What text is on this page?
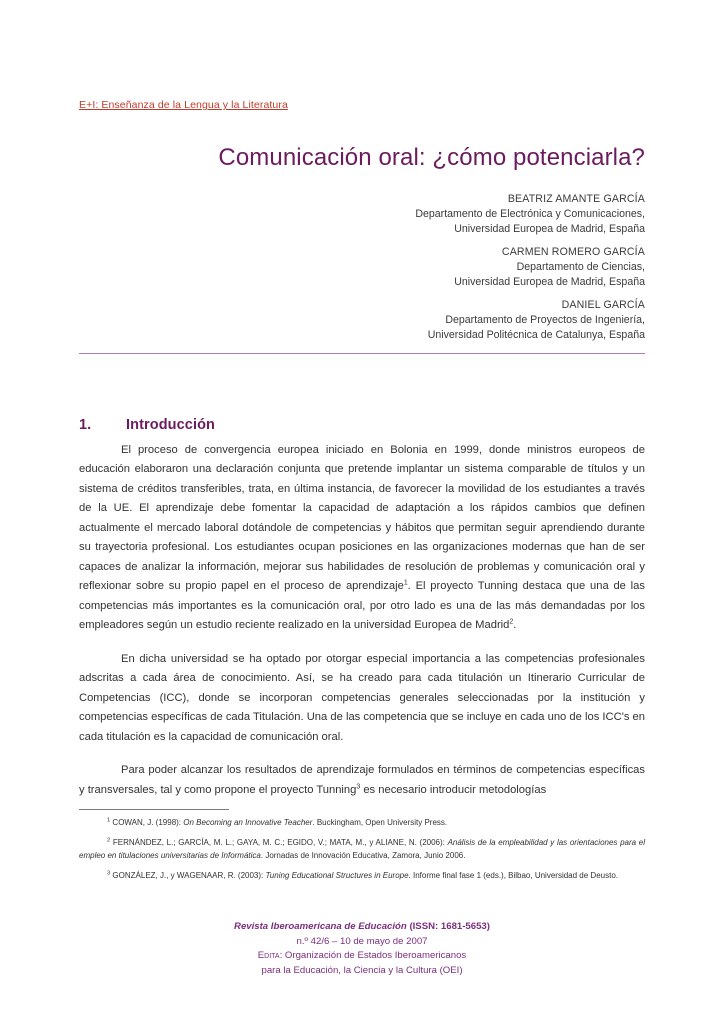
E+I: Enseñanza de la Lengua y la Literatura
Comunicación oral: ¿cómo potenciarla?
BEATRIZ AMANTE GARCÍA
Departamento de Electrónica y Comunicaciones,
Universidad Europea de Madrid, España
CARMEN ROMERO GARCÍA
Departamento de Ciencias,
Universidad Europea de Madrid, España
DANIEL GARCÍA
Departamento de Proyectos de Ingeniería,
Universidad Politécnica de Catalunya, España
1. Introducción

El proceso de convergencia europea iniciado en Bolonia en 1999, donde ministros europeos de educación elaboraron una declaración conjunta que pretende implantar un sistema comparable de títulos y un sistema de créditos transferibles, trata, en última instancia, de favorecer la movilidad de los estudiantes a través de la UE. El aprendizaje debe fomentar la capacidad de adaptación a los rápidos cambios que definen actualmente el mercado laboral dotándole de competencias y hábitos que permitan seguir aprendiendo durante su trayectoria profesional. Los estudiantes ocupan posiciones en las organizaciones modernas que han de ser capaces de analizar la información, mejorar sus habilidades de resolución de problemas y comunicación oral y reflexionar sobre su propio papel en el proceso de aprendizaje$^1$. El proyecto Tunning destaca que una de las competencias más importantes es la comunicación oral, por otro lado es una de las más demandadas por los empleadores según un estudio reciente realizado en la universidad Europea de Madrid$^2$.

En dicha universidad se ha optado por otorgar especial importancia a las competencias profesionales adscritas a cada área de conocimiento. Así, se ha creado para cada titulación un Itinerario Curricular de Competencias (ICC), donde se incorporan competencias generales seleccionadas por la institución y competencias específicas de cada Titulación. Una de las competencia que se incluye en cada uno de los ICC's en cada titulación es la capacidad de comunicación oral.

Para poder alcanzar los resultados de aprendizaje formulados en términos de competencias específicas y transversales, tal y como propone el proyecto Tunning$^3$ es necesario introducir metodologías

$^1$ COWAN, J. (1998): On Becoming an Innovative Teacher. Buckingham, Open University Press.

$^2$ FERNÁNDEZ, L.; GARCÍA, M. L.; GAYA, M. C.; EGIDO, V.; MATA, M., y ALIANE, N. (2006): Análisis de la empleabilidad y las orientaciones para el empleo en titulaciones universitarias de Informática. Jornadas de Innovación Educativa, Zamora, Junio 2006.

$^3$ GONZÁLEZ, J., y WAGENAAR, R. (2003): Tuning Educational Structures in Europe. Informe final fase 1 (eds.), Bilbao, Universidad de Deusto.

Revista Iberoamericana de Educación (ISSN: 1681-5653)
n.º 42/6 – 10 de mayo de 2007
Edita: Organización de Estados Iberoamericanos
para la Educación, la Ciencia y la Cultura (OEI)
